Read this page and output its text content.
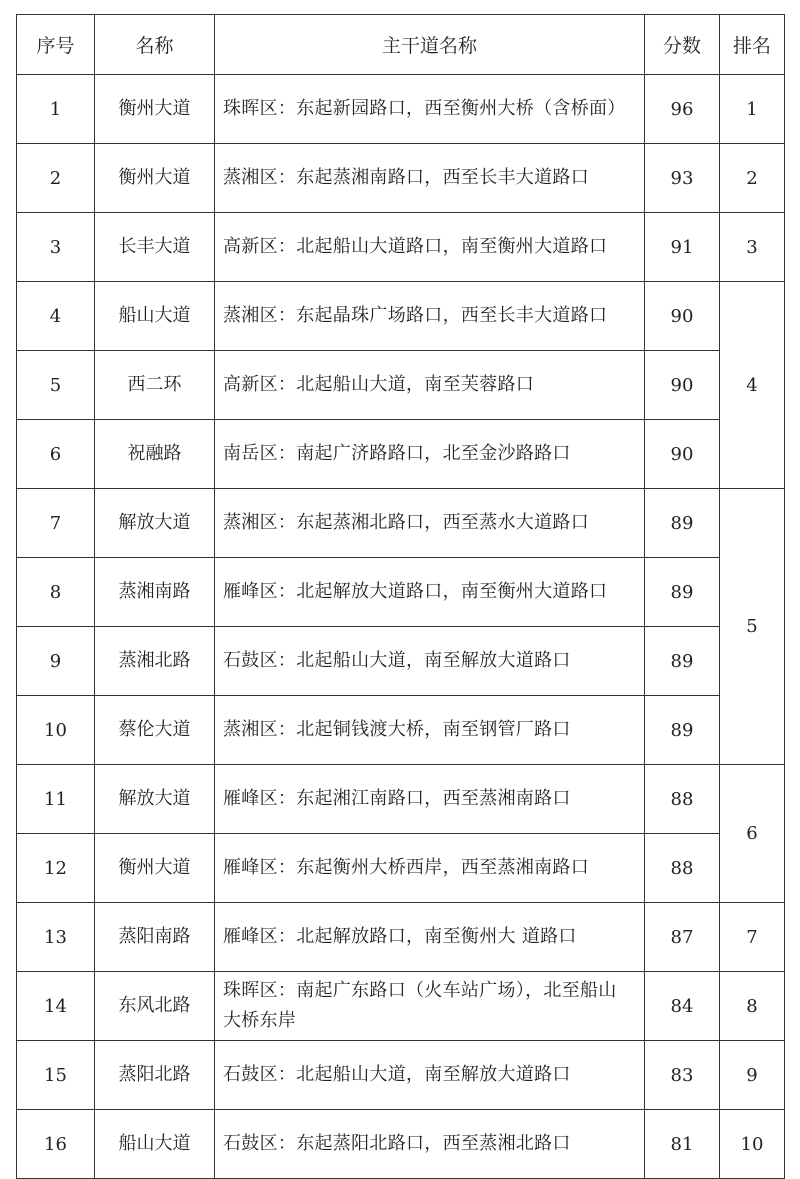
序号	名称	主干道名称	分数	排名
1	衡州大道	珠晖区：东起新园路口，西至衡州大桥（含桥面）	96	1
2	衡州大道	蒸湘区：东起蒸湘南路口，西至长丰大道路口	93	2
3	长丰大道	高新区：北起船山大道路口，南至衡州大道路口	91	3
4	船山大道	蒸湘区：东起晶珠广场路口，西至长丰大道路口	90	4
5	西二环	高新区：北起船山大道，南至芙蓉路口	90	
6	祝融路	南岳区：南起广济路路口，北至金沙路路口	90	
7	解放大道	蒸湘区：东起蒸湘北路口，西至蒸水大道路口	89	5
8	蒸湘南路	雁峰区：北起解放大道路口，南至衡州大道路口	89	
9	蒸湘北路	石鼓区：北起船山大道，南至解放大道路口	89	
10	蔡伦大道	蒸湘区：北起铜钱渡大桥，南至钢管厂路口	89	
11	解放大道	雁峰区：东起湘江南路口，西至蒸湘南路口	88	6
12	衡州大道	雁峰区：东起衡州大桥西岸，西至蒸湘南路口	88	
13	蒸阳南路	雁峰区：北起解放路口，南至衡州大 道路口	87	7
14	东风北路	珠晖区：南起广东路口（火车站广场），北至船山大桥东岸	84	8
15	蒸阳北路	石鼓区：北起船山大道，南至解放大道路口	83	9
16	船山大道	石鼓区：东起蒸阳北路口，西至蒸湘北路口	81	10
